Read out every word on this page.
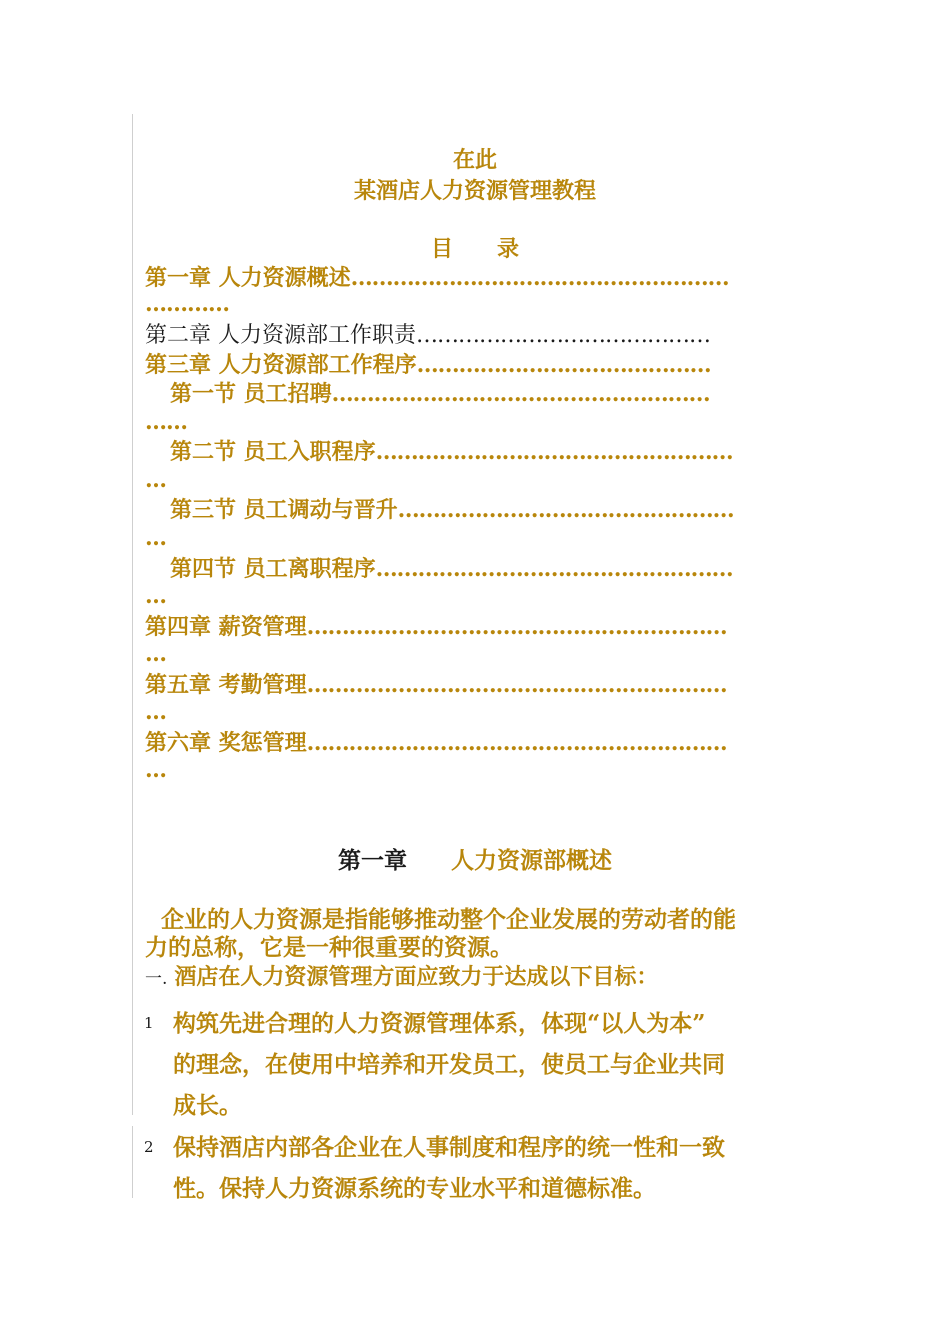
在此
某酒店人力资源管理教程
目　　录
第一章 人力资源概述………………………………………………
…………
第二章 人力资源部工作职责……………………………………
第三章 人力资源部工作程序……………………………………
第一节 员工招聘………………………………………………
……
第二节 员工入职程序……………………………………………
…
第三节 员工调动与晋升…………………………………………
…
第四节 员工离职程序……………………………………………
…
第四章 薪资管理……………………………………………………
…
第五章 考勤管理……………………………………………………
…
第六章 奖惩管理……………………………………………………
…
第一章 人力资源部概述
企业的人力资源是指能够推动整个企业发展的劳动者的能
力的总称，它是一种很重要的资源。
一. 酒店在人力资源管理方面应致力于达成以下目标：
1 构筑先进合理的人力资源管理体系，体现“以人为本”
的理念，在使用中培养和开发员工，使员工与企业共同
成长。
2 保持酒店内部各企业在人事制度和程序的统一性和一致
性。保持人力资源系统的专业水平和道德标准。
